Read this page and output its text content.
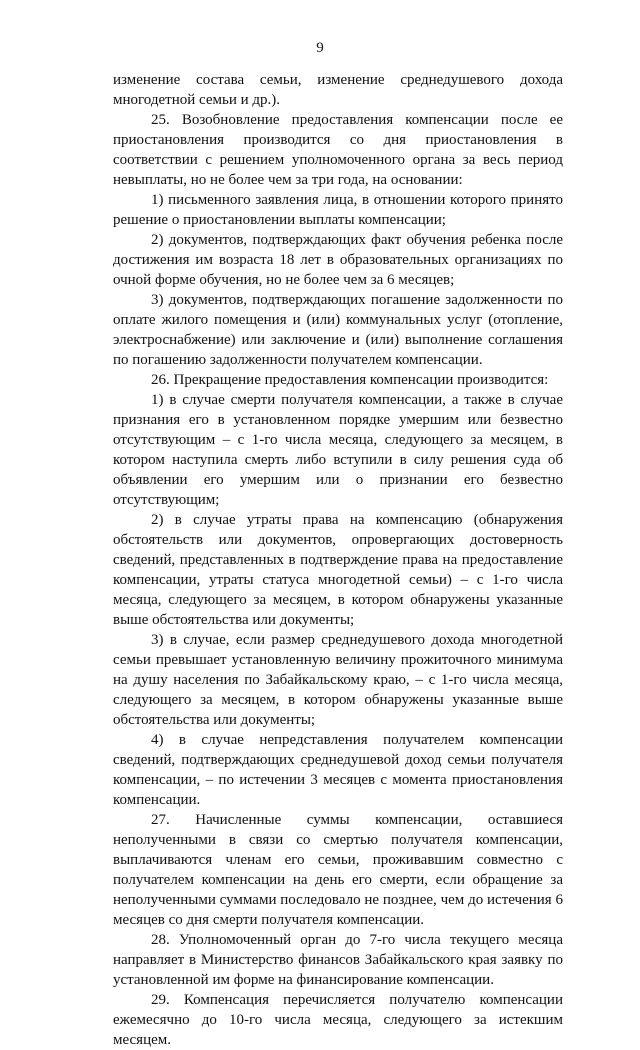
9

изменение состава семьи, изменение среднедушевого дохода многодетной семьи и др.).

25. Возобновление предоставления компенсации после ее приостановления производится со дня приостановления в соответствии с решением уполномоченного органа за весь период невыплаты, но не более чем за три года, на основании:

1) письменного заявления лица, в отношении которого принято решение о приостановлении выплаты компенсации;

2) документов, подтверждающих факт обучения ребенка после достижения им возраста 18 лет в образовательных организациях по очной форме обучения, но не более чем за 6 месяцев;

3) документов, подтверждающих погашение задолженности по оплате жилого помещения и (или) коммунальных услуг (отопление, электроснабжение) или заключение и (или) выполнение соглашения по погашению задолженности получателем компенсации.

26. Прекращение предоставления компенсации производится:

1) в случае смерти получателя компенсации, а также в случае признания его в установленном порядке умершим или безвестно отсутствующим – с 1-го числа месяца, следующего за месяцем, в котором наступила смерть либо вступили в силу решения суда об объявлении его умершим или о признании его безвестно отсутствующим;

2) в случае утраты права на компенсацию (обнаружения обстоятельств или документов, опровергающих достоверность сведений, представленных в подтверждение права на предоставление компенсации, утраты статуса многодетной семьи) – с 1-го числа месяца, следующего за месяцем, в котором обнаружены указанные выше обстоятельства или документы;

3) в случае, если размер среднедушевого дохода многодетной семьи превышает установленную величину прожиточного минимума на душу населения по Забайкальскому краю, – с 1-го числа месяца, следующего за месяцем, в котором обнаружены указанные выше обстоятельства или документы;

4) в случае непредставления получателем компенсации сведений, подтверждающих среднедушевой доход семьи получателя компенсации, – по истечении 3 месяцев с момента приостановления компенсации.

27. Начисленные суммы компенсации, оставшиеся неполученными в связи со смертью получателя компенсации, выплачиваются членам его семьи, проживавшим совместно с получателем компенсации на день его смерти, если обращение за неполученными суммами последовало не позднее, чем до истечения 6 месяцев со дня смерти получателя компенсации.

28. Уполномоченный орган до 7-го числа текущего месяца направляет в Министерство финансов Забайкальского края заявку по установленной им форме на финансирование компенсации.

29. Компенсация перечисляется получателю компенсации ежемесячно до 10-го числа месяца, следующего за истекшим месяцем.
